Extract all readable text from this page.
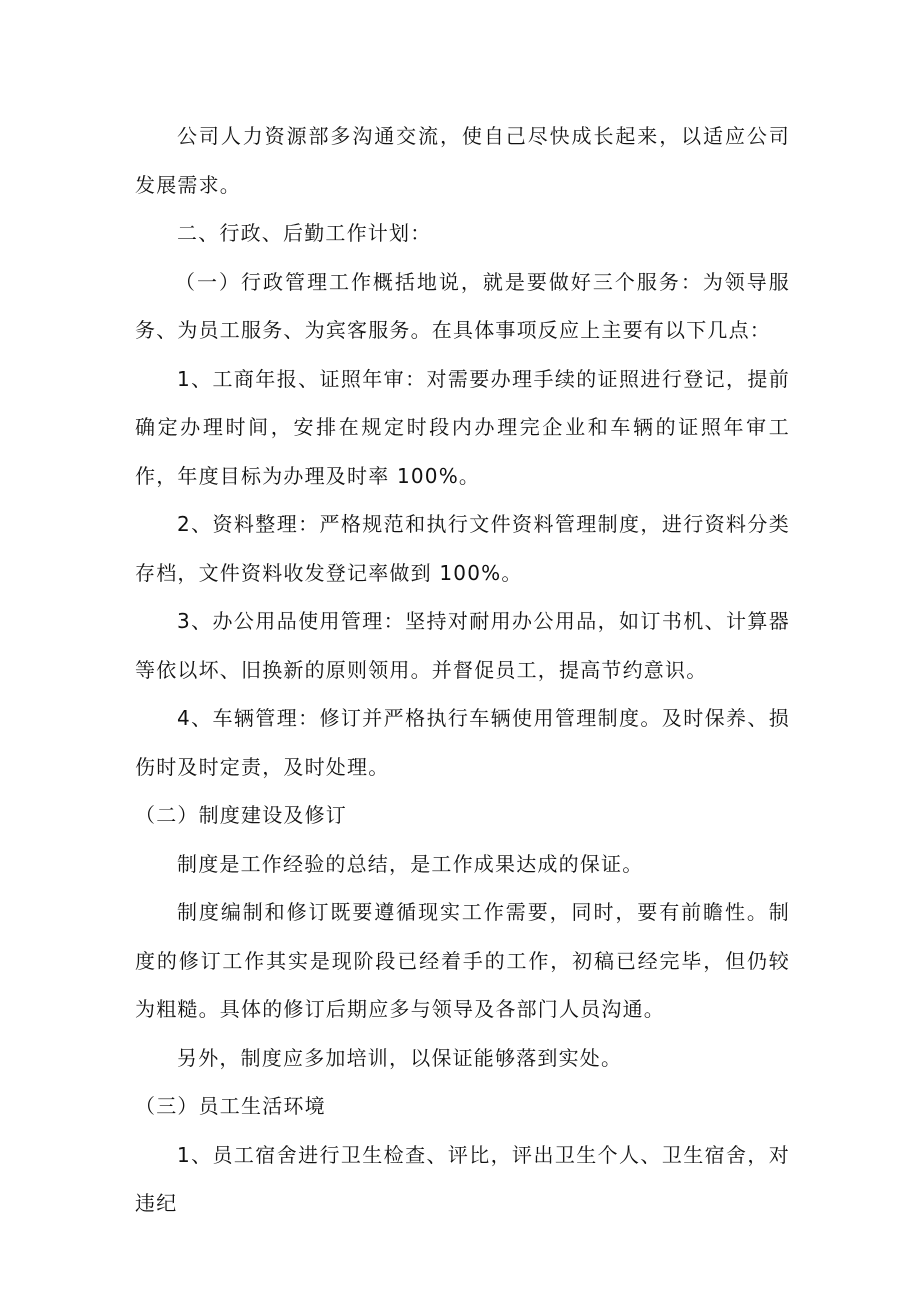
公司人力资源部多沟通交流，使自己尽快成长起来，以适应公司发展需求。

二、行政、后勤工作计划：

（一）行政管理工作概括地说，就是要做好三个服务：为领导服务、为员工服务、为宾客服务。在具体事项反应上主要有以下几点：

1、工商年报、证照年审：对需要办理手续的证照进行登记，提前确定办理时间，安排在规定时段内办理完企业和车辆的证照年审工作，年度目标为办理及时率 100%。

2、资料整理：严格规范和执行文件资料管理制度，进行资料分类存档，文件资料收发登记率做到 100%。

3、办公用品使用管理：坚持对耐用办公用品，如订书机、计算器等依以坏、旧换新的原则领用。并督促员工，提高节约意识。

4、车辆管理：修订并严格执行车辆使用管理制度。及时保养、损伤时及时定责，及时处理。

（二）制度建设及修订

制度是工作经验的总结，是工作成果达成的保证。

制度编制和修订既要遵循现实工作需要，同时，要有前瞻性。制度的修订工作其实是现阶段已经着手的工作，初稿已经完毕，但仍较为粗糙。具体的修订后期应多与领导及各部门人员沟通。

另外，制度应多加培训，以保证能够落到实处。

（三）员工生活环境

1、员工宿舍进行卫生检查、评比，评出卫生个人、卫生宿舍，对违纪
